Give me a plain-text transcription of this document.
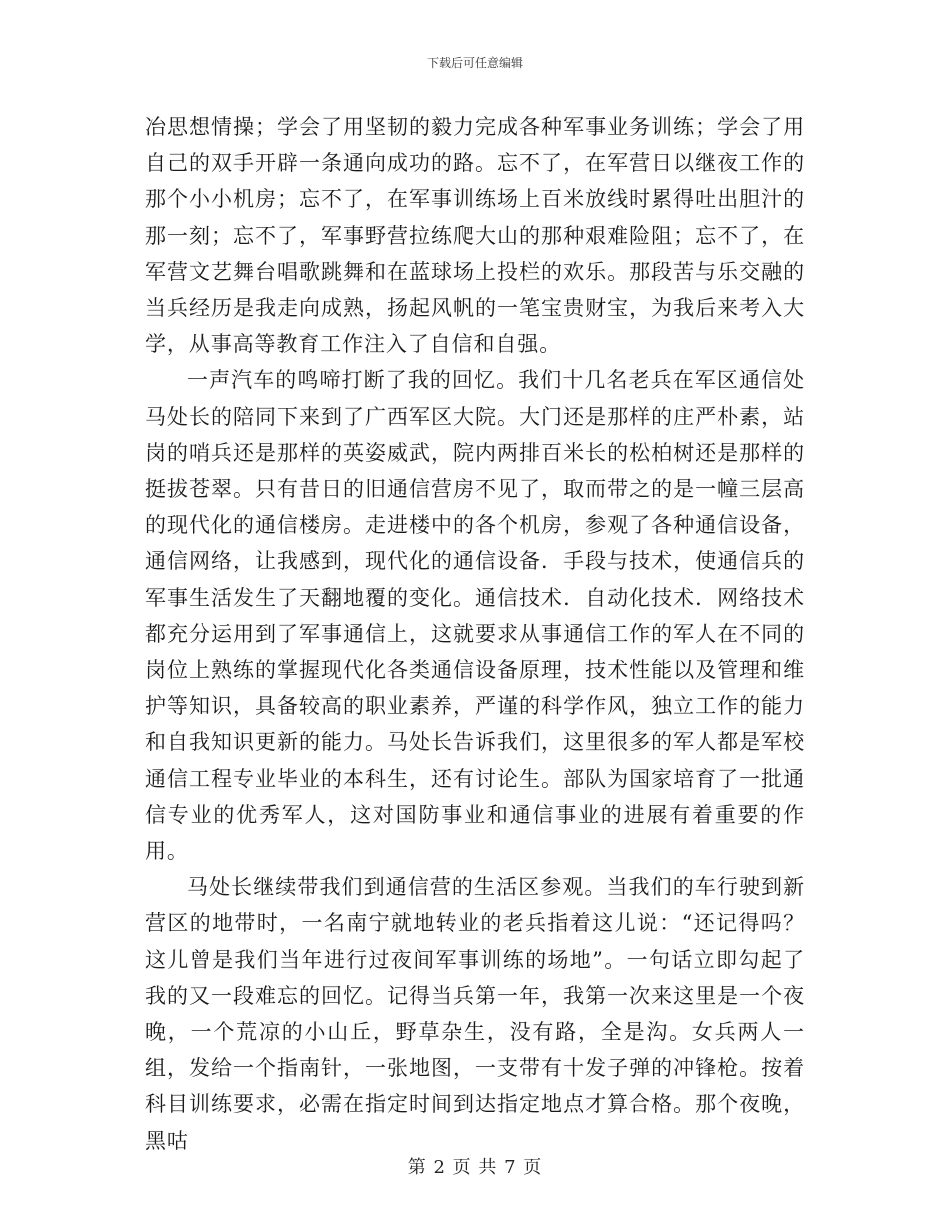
下载后可任意编辑

冶思想情操；学会了用坚韧的毅力完成各种军事业务训练；学会了用自己的双手开辟一条通向成功的路。忘不了，在军营日以继夜工作的那个小小机房；忘不了，在军事训练场上百米放线时累得吐出胆汁的那一刻；忘不了，军事野营拉练爬大山的那种艰难险阻；忘不了，在军营文艺舞台唱歌跳舞和在蓝球场上投栏的欢乐。那段苦与乐交融的当兵经历是我走向成熟，扬起风帆的一笔宝贵财宝，为我后来考入大学，从事高等教育工作注入了自信和自强。

一声汽车的鸣啼打断了我的回忆。我们十几名老兵在军区通信处马处长的陪同下来到了广西军区大院。大门还是那样的庄严朴素，站岗的哨兵还是那样的英姿威武，院内两排百米长的松柏树还是那样的挺拔苍翠。只有昔日的旧通信营房不见了，取而带之的是一幢三层高的现代化的通信楼房。走进楼中的各个机房，参观了各种通信设备，通信网络，让我感到，现代化的通信设备．手段与技术，使通信兵的军事生活发生了天翻地覆的变化。通信技术．自动化技术．网络技术都充分运用到了军事通信上，这就要求从事通信工作的军人在不同的岗位上熟练的掌握现代化各类通信设备原理，技术性能以及管理和维护等知识，具备较高的职业素养，严谨的科学作风，独立工作的能力和自我知识更新的能力。马处长告诉我们，这里很多的军人都是军校通信工程专业毕业的本科生，还有讨论生。部队为国家培育了一批通信专业的优秀军人，这对国防事业和通信事业的进展有着重要的作用。

马处长继续带我们到通信营的生活区参观。当我们的车行驶到新营区的地带时，一名南宁就地转业的老兵指着这儿说：“还记得吗？这儿曾是我们当年进行过夜间军事训练的场地”。一句话立即勾起了我的又一段难忘的回忆。记得当兵第一年，我第一次来这里是一个夜晚，一个荒凉的小山丘，野草杂生，没有路，全是沟。女兵两人一组，发给一个指南针，一张地图，一支带有十发子弹的冲锋枪。按着科目训练要求，必需在指定时间到达指定地点才算合格。那个夜晚，黑咕

第 2 页 共 7 页
